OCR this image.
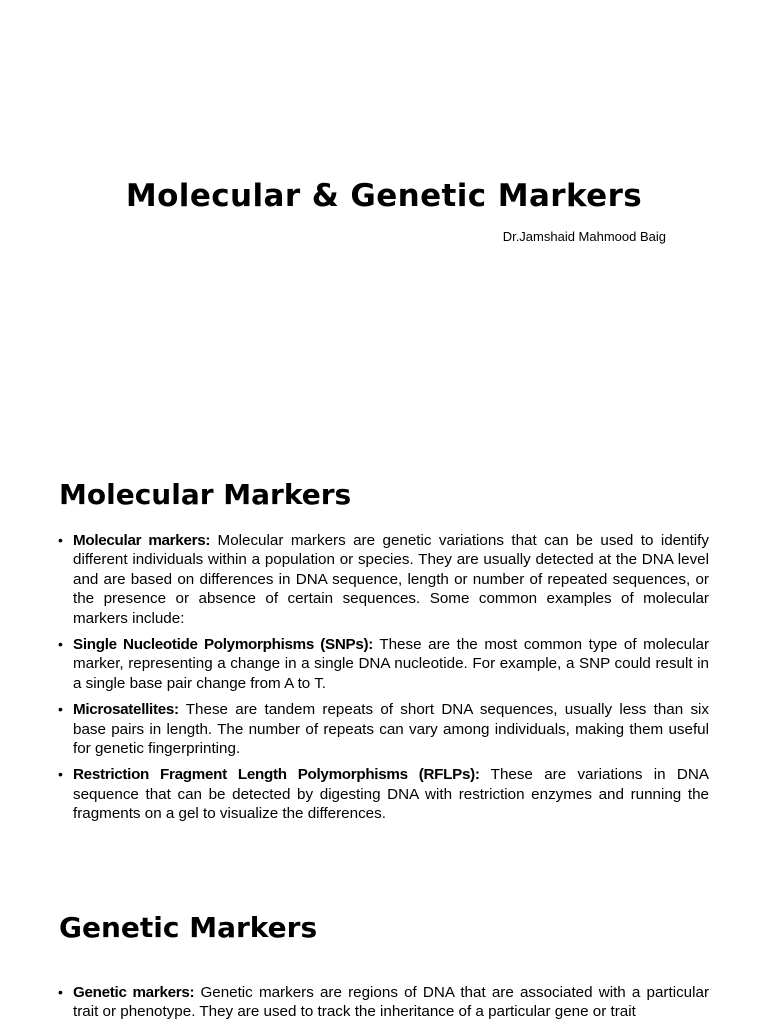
Molecular & Genetic Markers

Dr.Jamshaid Mahmood Baig

Molecular Markers
• Molecular markers: Molecular markers are genetic variations that can be used to identify different individuals within a population or species. They are usually detected at the DNA level and are based on differences in DNA sequence, length or number of repeated sequences, or the presence or absence of certain sequences. Some common examples of molecular markers include:
• Single Nucleotide Polymorphisms (SNPs): These are the most common type of molecular marker, representing a change in a single DNA nucleotide. For example, a SNP could result in a single base pair change from A to T.
• Microsatellites: These are tandem repeats of short DNA sequences, usually less than six base pairs in length. The number of repeats can vary among individuals, making them useful for genetic fingerprinting.
• Restriction Fragment Length Polymorphisms (RFLPs): These are variations in DNA sequence that can be detected by digesting DNA with restriction enzymes and running the fragments on a gel to visualize the differences.
Genetic Markers
• Genetic markers: Genetic markers are regions of DNA that are associated with a particular trait or phenotype. They are used to track the inheritance of a particular gene or trait
